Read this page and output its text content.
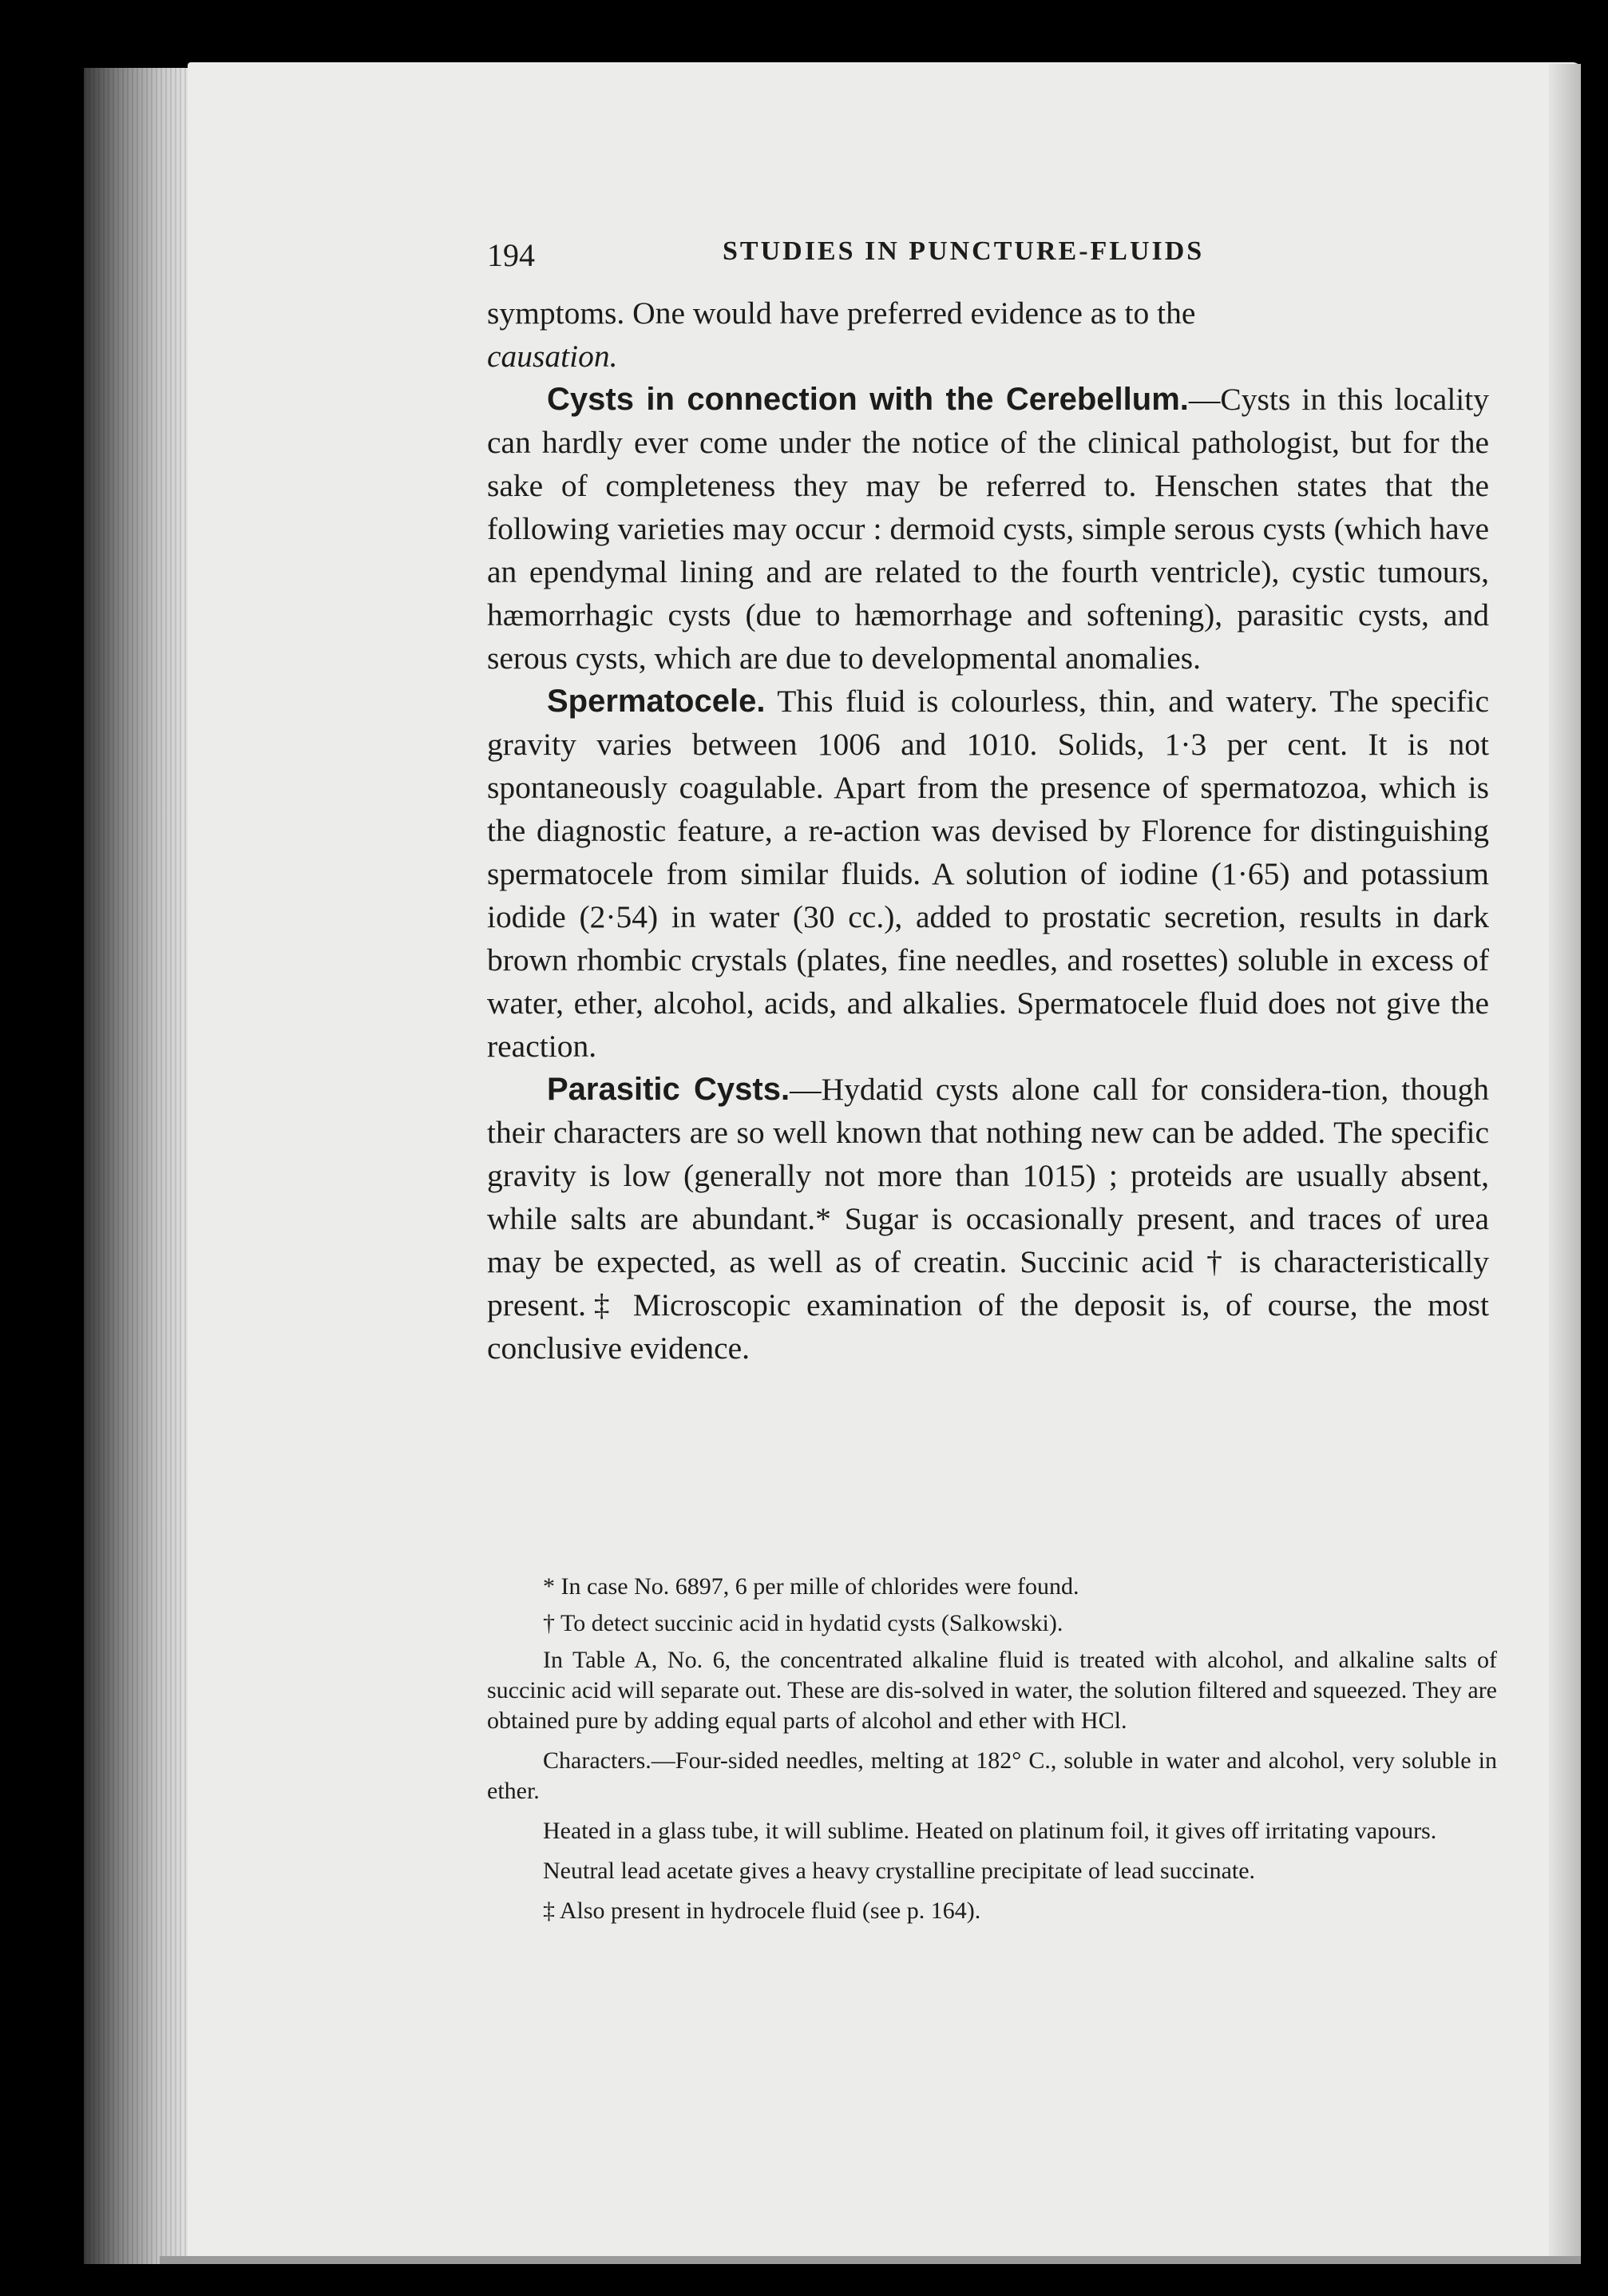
194	STUDIES IN PUNCTURE-FLUIDS

symptoms. One would have preferred evidence as to the
causation.

Cysts in connection with the Cerebellum.—Cysts in this locality can hardly ever come under the notice of the clinical pathologist, but for the sake of completeness they may be referred to. Henschen states that the following varieties may occur : dermoid cysts, simple serous cysts (which have an ependymal lining and are related to the fourth ventricle), cystic tumours, hæmorrhagic cysts (due to hæmorrhage and softening), parasitic cysts, and serous cysts, which are due to developmental anomalies.

Spermatocele. This fluid is colourless, thin, and watery. The specific gravity varies between 1006 and 1010. Solids, 1·3 per cent. It is not spontaneously coagulable. Apart from the presence of spermatozoa, which is the diagnostic feature, a re-action was devised by Florence for distinguishing spermatocele from similar fluids. A solution of iodine (1·65) and potassium iodide (2·54) in water (30 cc.), added to prostatic secretion, results in dark brown rhombic crystals (plates, fine needles, and rosettes) soluble in excess of water, ether, alcohol, acids, and alkalies. Spermatocele fluid does not give the reaction.

Parasitic Cysts.—Hydatid cysts alone call for considera-tion, though their characters are so well known that nothing new can be added. The specific gravity is low (generally not more than 1015) ; proteids are usually absent, while salts are abundant.* Sugar is occasionally present, and traces of urea may be expected, as well as of creatin. Succinic acid † is characteristically present.‡ Microscopic examination of the deposit is, of course, the most conclusive evidence.

* In case No. 6897, 6 per mille of chlorides were found.

† To detect succinic acid in hydatid cysts (Salkowski).

In Table A, No. 6, the concentrated alkaline fluid is treated with alcohol, and alkaline salts of succinic acid will separate out. These are dis-solved in water, the solution filtered and squeezed. They are obtained pure by adding equal parts of alcohol and ether with HCl.

Characters.—Four-sided needles, melting at 182° C., soluble in water and alcohol, very soluble in ether.

Heated in a glass tube, it will sublime. Heated on platinum foil, it gives off irritating vapours.

Neutral lead acetate gives a heavy crystalline precipitate of lead succinate.

‡ Also present in hydrocele fluid (see p. 164).
